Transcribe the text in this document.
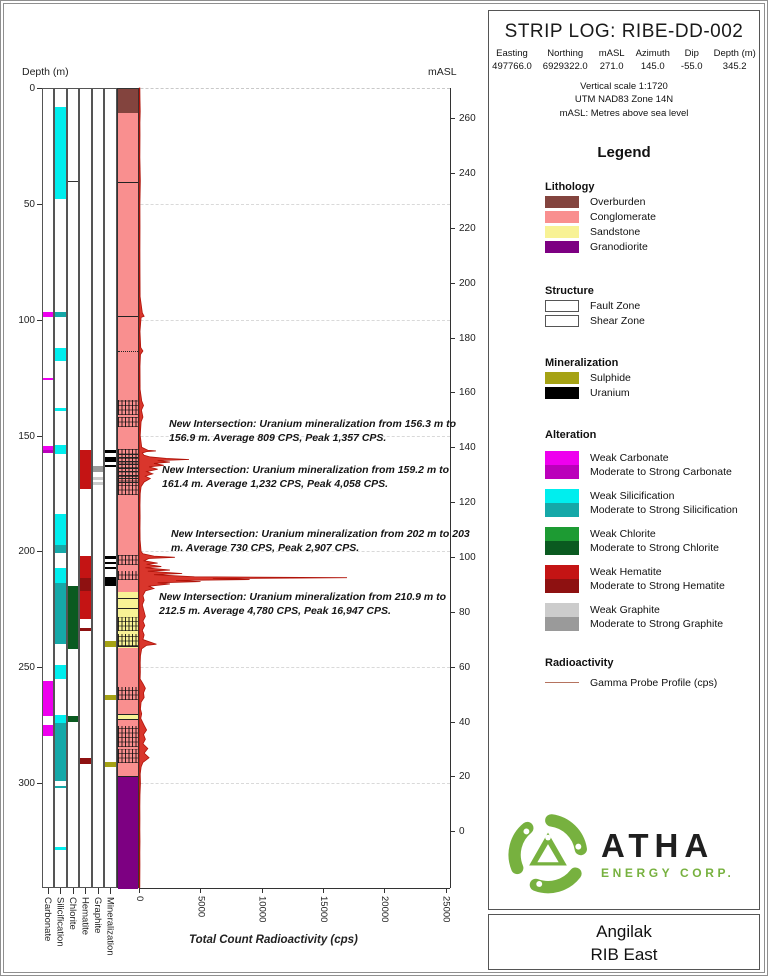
Depth (m)
0
50
100
150
200
250
300
Carbonate Silicification Chlorite Hematite Graphite Mineralization 0	5000	10000	15000	20000	25000
Total Count Radioactivity (cps)
mASL
260
240
220
200
180
160
140
120
100
80
60
40
20
0
New Intersection: Uranium mineralization from 156.3 m to 156.9 m. Average 809 CPS, Peak 1,357 CPS.
New Intersection: Uranium mineralization from 159.2 m to 161.4 m. Average 1,232 CPS, Peak 4,058 CPS.
New Intersection: Uranium mineralization from 202 m to 203 m. Average 730 CPS, Peak 2,907 CPS.
New Intersection: Uranium mineralization from 210.9 m to 212.5 m. Average 4,780 CPS, Peak 16,947 CPS.
STRIP LOG: RIBE-DD-002
Easting
497766.0
Northing
6929322.0
mASL
271.0
Azimuth
145.0
Dip
-55.0
Depth (m)
345.2
Vertical scale 1:1720
UTM NAD83 Zone 14N
mASL: Metres above sea level
Legend
Lithology
Overburden
Conglomerate
Sandstone
Granodiorite
Structure
Fault Zone
Shear Zone
Mineralization
Sulphide
Uranium
Alteration
Weak Carbonate
Moderate to Strong Carbonate
Weak Silicification
Moderate to Strong Silicification
Weak Chlorite
Moderate to Strong Chlorite
Weak Hematite
Moderate to Strong Hematite
Weak Graphite
Moderate to Strong Graphite
Radioactivity
Gamma Probe Profile (cps)
ATHA
ENERGY CORP.
Angilak
RIB East
